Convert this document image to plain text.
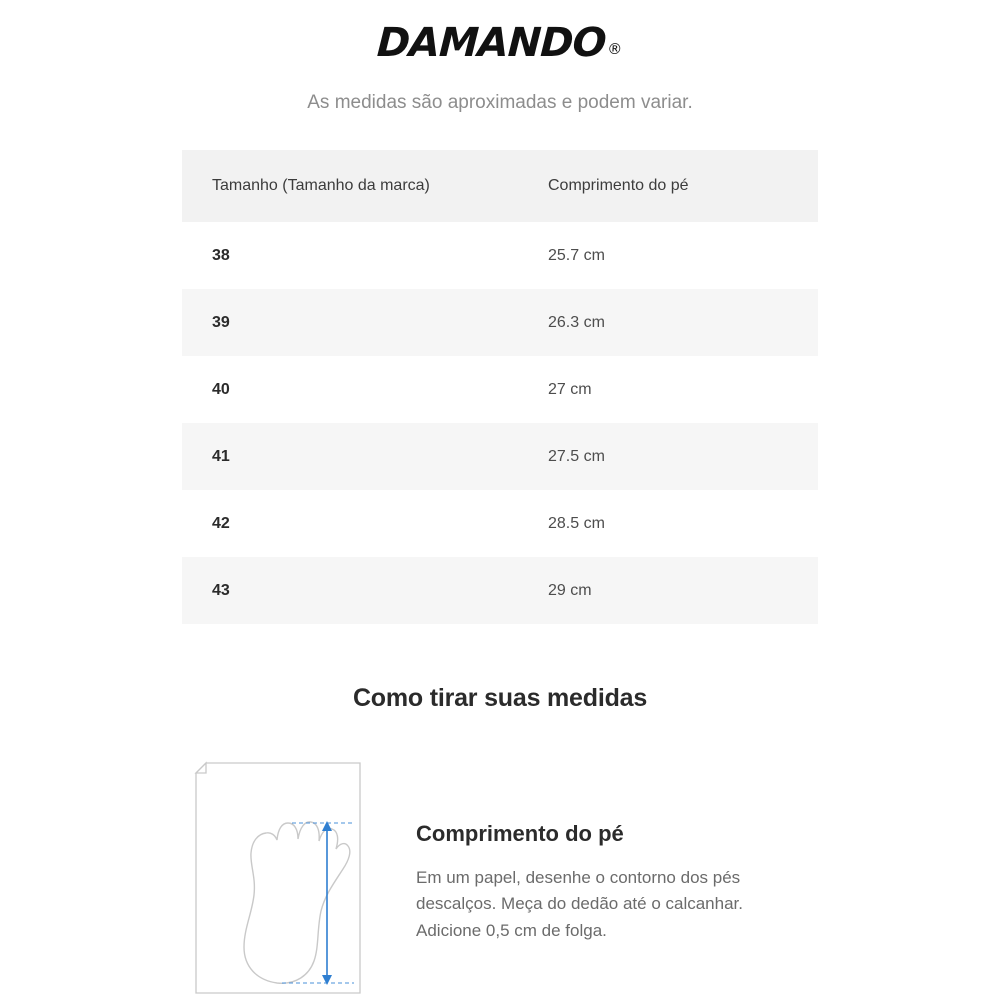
DAMANDO®
As medidas são aproximadas e podem variar.
Tamanho (Tamanho da marca)	Comprimento do pé
38	25.7 cm
39	26.3 cm
40	27 cm
41	27.5 cm
42	28.5 cm
43	29 cm
Como tirar suas medidas
Comprimento do pé

Em um papel, desenhe o contorno dos pés descalços. Meça do dedão até o calcanhar. Adicione 0,5 cm de folga.
